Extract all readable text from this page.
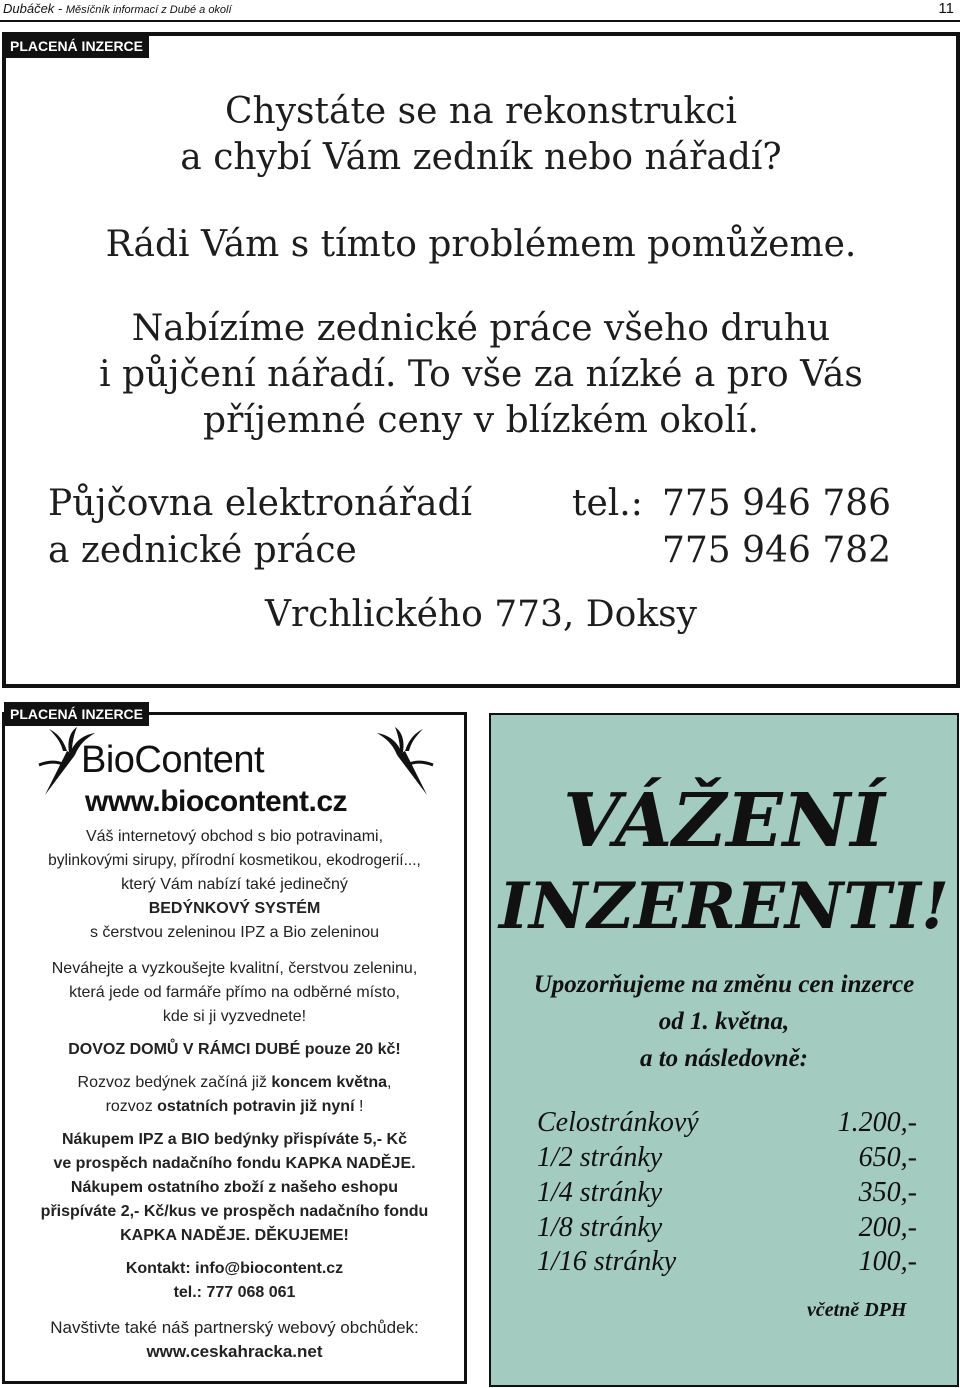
Dubáček - Měsíčník informací z Dubé a okolí	11
PLACENÁ INZERCE
Chystáte se na rekonstrukci
a chybí Vám zedník nebo nářadí?
Rádi Vám s tímto problémem pomůžeme.
Nabízíme zednické práce všeho druhu
i půjčení nářadí. To vše za nízké a pro Vás
příjemné ceny v blízkém okolí.
Půjčovna elektronářadí
a zednické práce
tel.: 775 946 786
775 946 782
Vrchlického 773, Doksy
PLACENÁ INZERCE
BioContent
www.biocontent.cz
Váš internetový obchod s bio potravinami,
bylinkovými sirupy, přírodní kosmetikou, ekodrogerií...,
který Vám nabízí také jedinečný
BEDÝNKOVÝ SYSTÉM
s čerstvou zeleninou IPZ a Bio zeleninou
Neváhejte a vyzkoušejte kvalitní, čerstvou zeleninu,
která jede od farmáře přímo na odběrné místo,
kde si ji vyzvednete!
DOVOZ DOMŮ V RÁMCI DUBÉ pouze 20 kč!
Rozvoz bedýnek začíná již koncem května,
rozvoz ostatních potravin již nyní !
Nákupem IPZ a BIO bedýnky přispíváte 5,- Kč
ve prospěch nadačního fondu KAPKA NADĚJE.
Nákupem ostatního zboží z našeho eshopu
přispíváte 2,- Kč/kus ve prospěch nadačního fondu
KAPKA NADĚJE. DĚKUJEME!
Kontakt: info@biocontent.cz
tel.: 777 068 061
Navštivte také náš partnerský webový obchůdek:
www.ceskahracka.net
VÁŽENÍ
INZERENTI!
Upozorňujeme na změnu cen inzerce
od 1. května,
a to následovně:
Celostránkový	1.200,-
1/2 stránky	650,-
1/4 stránky	350,-
1/8 stránky	200,-
1/16 stránky	100,-
včetně DPH
